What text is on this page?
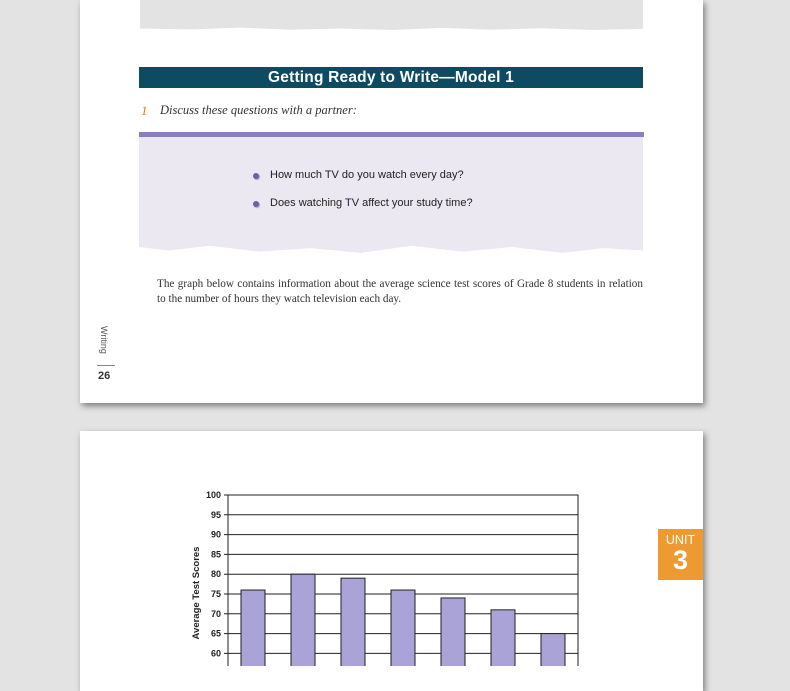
Getting Ready to Write—Model 1
1 Discuss these questions with a partner:
How much TV do you watch every day?
Does watching TV affect your study time?
The graph below contains information about the average science test scores of Grade 8 students in relation to the number of hours they watch television each day.
Writing
26
100
95
90
85
80
75
70
65
60
Average Test Scores
UNIT
3
